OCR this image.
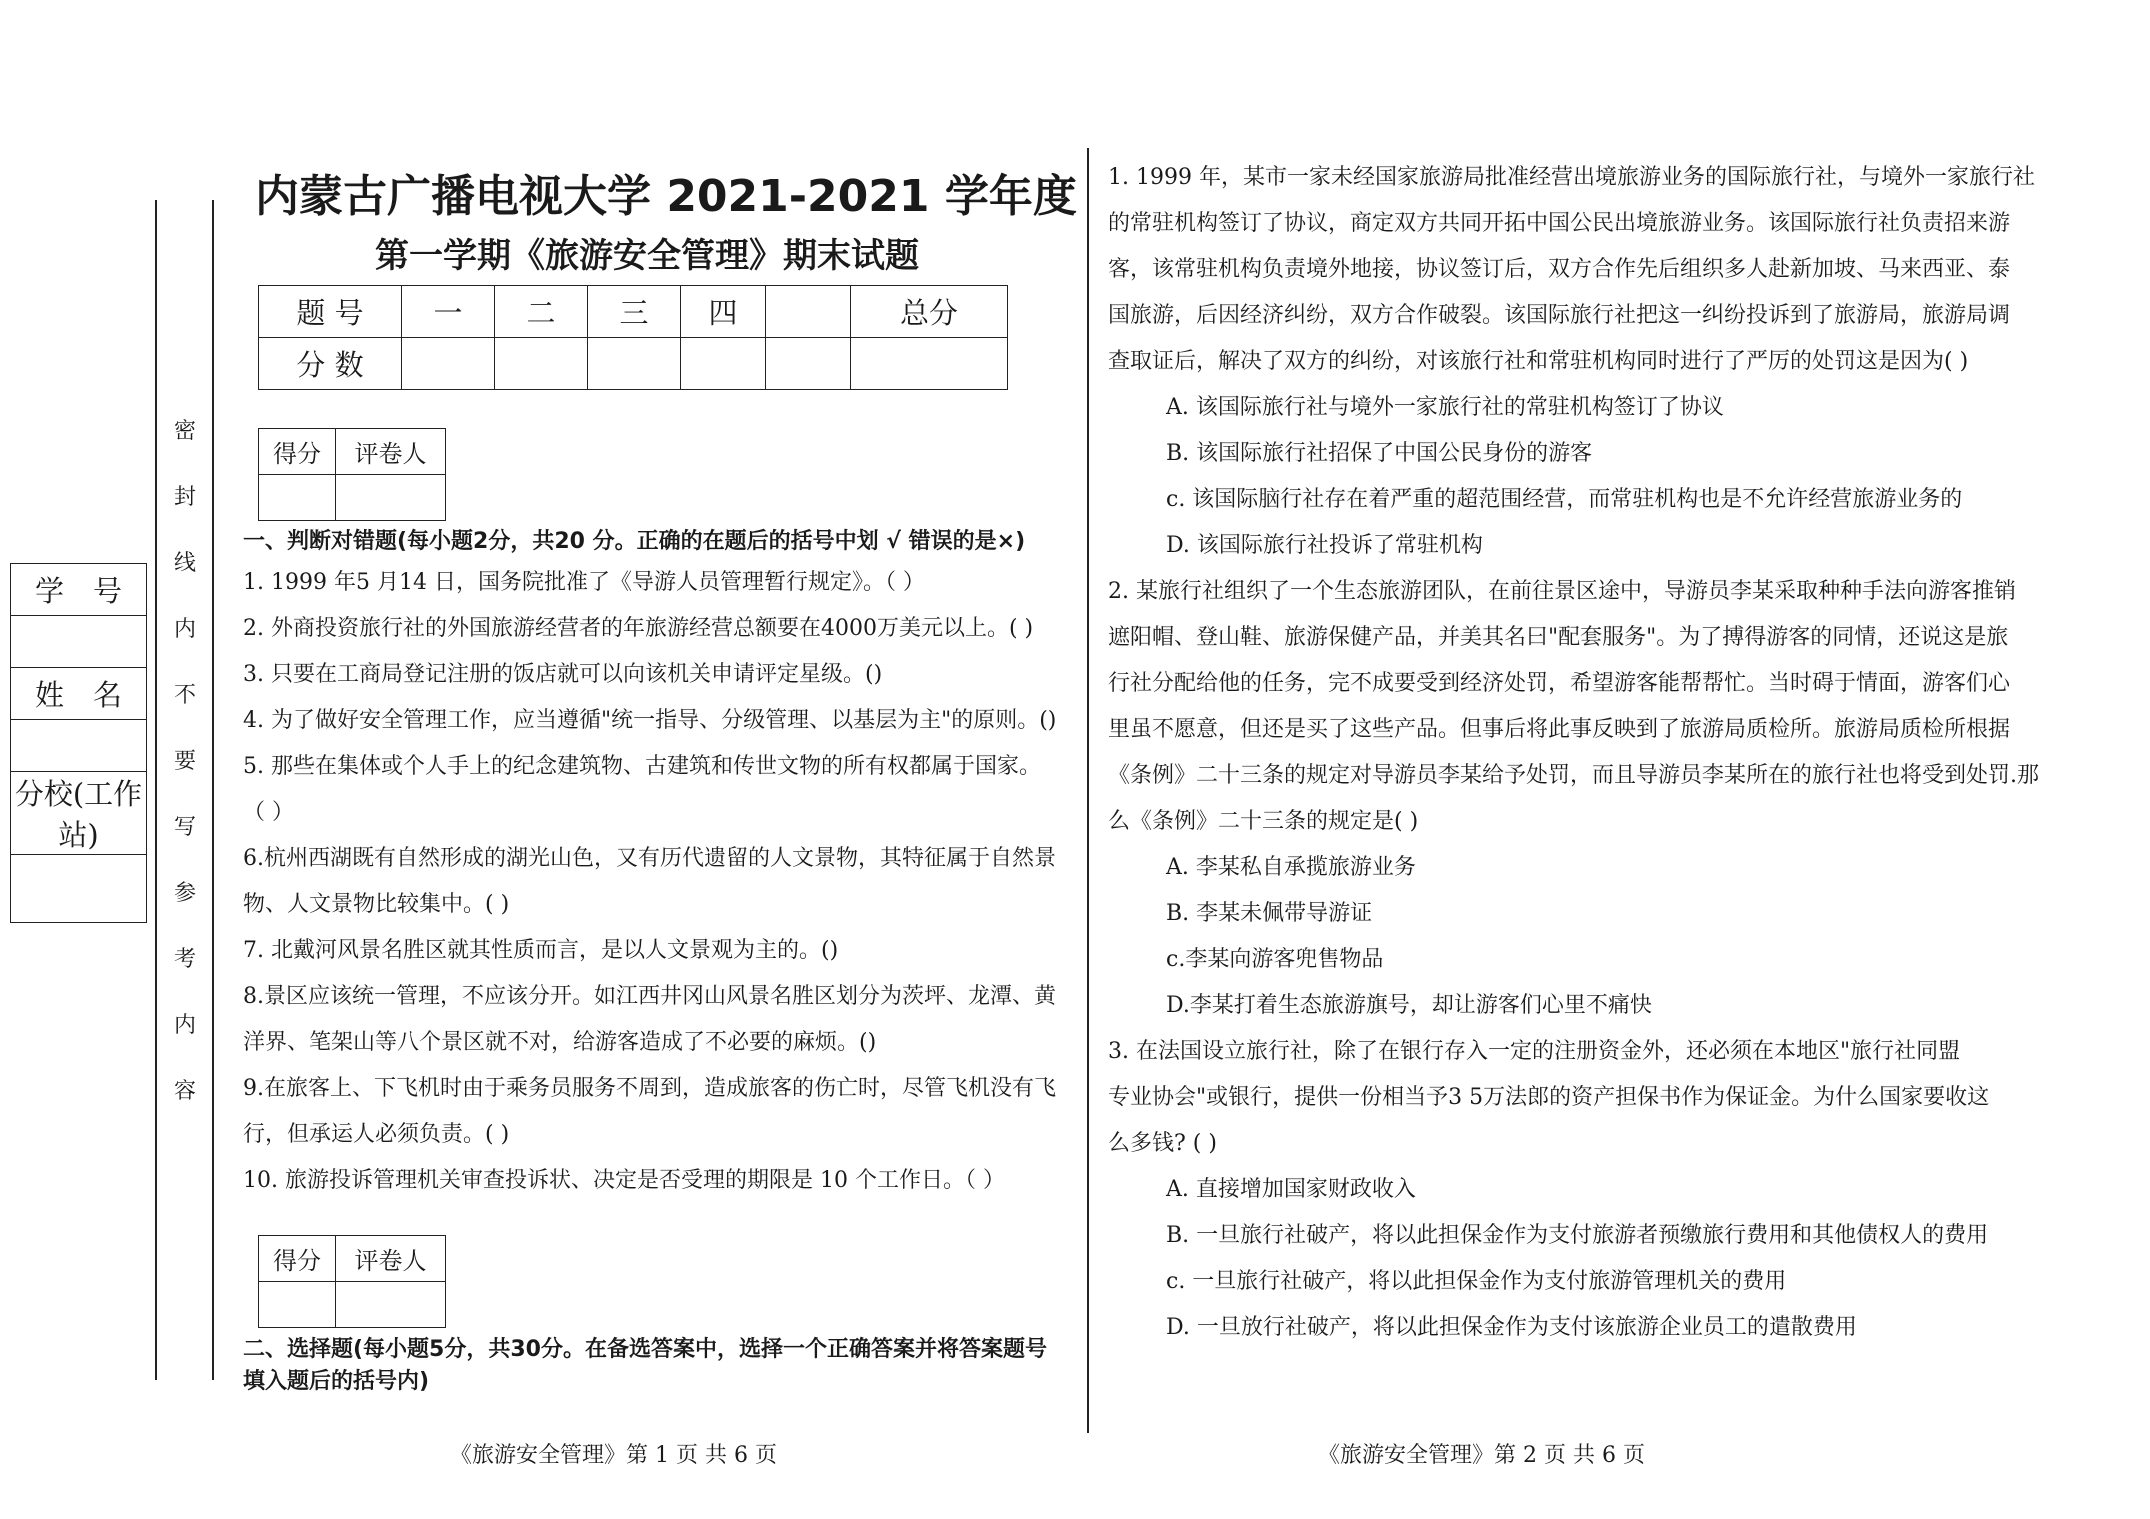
密
封
线
内
不
要
写
参
考
内
容
学　号

姓　名

分校(工作站)

内蒙古广播电视大学 2021-2021 学年度
第一学期《旅游安全管理》期末试题
题 号	一	二	三	四		总分
分 数						
得分	评卷人

一、判断对错题(每小题2分，共20 分。正确的在题后的括号中划 √ 错误的是×)
1. 1999 年5 月14 日，国务院批准了《导游人员管理暂行规定》。（ ）
2. 外商投资旅行社的外国旅游经营者的年旅游经营总额要在4000万美元以上。( )
3. 只要在工商局登记注册的饭店就可以向该机关申请评定星级。()
4. 为了做好安全管理工作，应当遵循"统一指导、分级管理、以基层为主"的原则。()
5. 那些在集体或个人手上的纪念建筑物、古建筑和传世文物的所有权都属于国家。
（ ）
6.杭州西湖既有自然形成的湖光山色，又有历代遗留的人文景物，其特征属于自然景
物、人文景物比较集中。( )
7. 北戴河风景名胜区就其性质而言，是以人文景观为主的。()
8.景区应该统一管理，不应该分开。如江西井冈山风景名胜区划分为茨坪、龙潭、黄
洋界、笔架山等八个景区就不对，给游客造成了不必要的麻烦。()
9.在旅客上、下飞机时由于乘务员服务不周到，造成旅客的伤亡时，尽管飞机没有飞
行，但承运人必须负责。( )
10. 旅游投诉管理机关审查投诉状、决定是否受理的期限是 10 个工作日。（ ）
得分	评卷人

二、选择题(每小题5分，共30分。在备选答案中，选择一个正确答案并将答案题号
填入题后的括号内)
1. 1999 年，某市一家未经国家旅游局批准经营出境旅游业务的国际旅行社，与境外一家旅行社
的常驻机构签订了协议，商定双方共同开拓中国公民出境旅游业务。该国际旅行社负责招来游
客，该常驻机构负责境外地接，协议签订后，双方合作先后组织多人赴新加坡、马来西亚、泰
国旅游，后因经济纠纷，双方合作破裂。该国际旅行社把这一纠纷投诉到了旅游局，旅游局调
查取证后，解决了双方的纠纷，对该旅行社和常驻机构同时进行了严厉的处罚这是因为( )
A. 该国际旅行社与境外一家旅行社的常驻机构签订了协议
B. 该国际旅行社招保了中国公民身份的游客
c. 该国际脑行社存在着严重的超范围经营，而常驻机构也是不允许经营旅游业务的
D. 该国际旅行社投诉了常驻机构
2. 某旅行社组织了一个生态旅游团队，在前往景区途中，导游员李某采取种种手法向游客推销
遮阳帽、登山鞋、旅游保健产品，并美其名曰"配套服务"。为了搏得游客的同情，还说这是旅
行社分配给他的任务，完不成要受到经济处罚，希望游客能帮帮忙。当时碍于情面，游客们心
里虽不愿意，但还是买了这些产品。但事后将此事反映到了旅游局质检所。旅游局质检所根据
《条例》二十三条的规定对导游员李某给予处罚，而且导游员李某所在的旅行社也将受到处罚.那
么《条例》二十三条的规定是( )
A. 李某私自承揽旅游业务
B. 李某未佩带导游证
c.李某向游客兜售物品
D.李某打着生态旅游旗号，却让游客们心里不痛快
3. 在法国设立旅行社，除了在银行存入一定的注册资金外，还必须在本地区"旅行社同盟
专业协会"或银行，提供一份相当予3 5万法郎的资产担保书作为保证金。为什么国家要收这
么多钱? ( )
A. 直接增加国家财政收入
B. 一旦旅行社破产，将以此担保金作为支付旅游者预缴旅行费用和其他债权人的费用
c. 一旦旅行社破产，将以此担保金作为支付旅游管理机关的费用
D. 一旦放行社破产，将以此担保金作为支付该旅游企业员工的遣散费用
《旅游安全管理》第 1 页 共 6 页	《旅游安全管理》第 2 页 共 6 页
